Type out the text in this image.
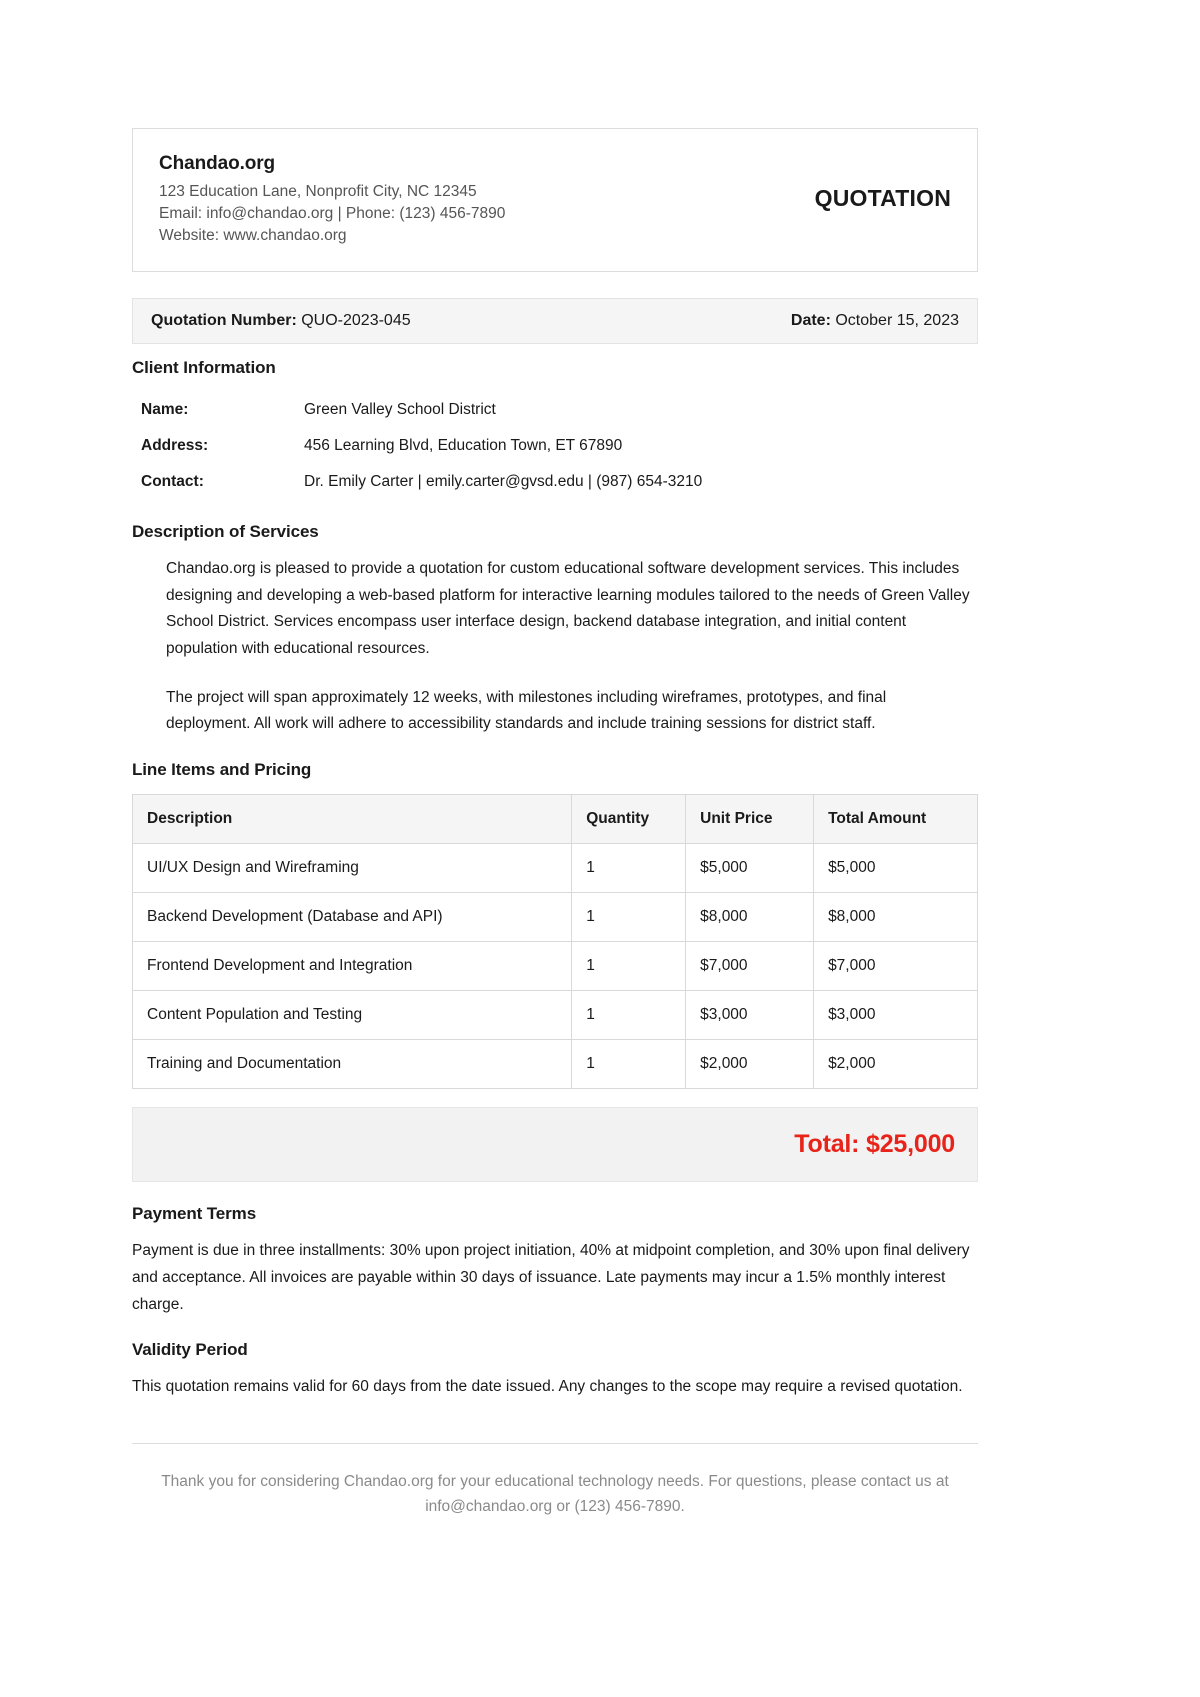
Chandao.org
123 Education Lane, Nonprofit City, NC 12345
Email: info@chandao.org | Phone: (123) 456-7890
Website: www.chandao.org
QUOTATION
Quotation Number: QUO-2023-045	Date: October 15, 2023
Client Information
Name:	Green Valley School District
Address:	456 Learning Blvd, Education Town, ET 67890
Contact:	Dr. Emily Carter | emily.carter@gvsd.edu | (987) 654-3210
Description of Services

Chandao.org is pleased to provide a quotation for custom educational software development services. This includes designing and developing a web-based platform for interactive learning modules tailored to the needs of Green Valley School District. Services encompass user interface design, backend database integration, and initial content population with educational resources.

The project will span approximately 12 weeks, with milestones including wireframes, prototypes, and final deployment. All work will adhere to accessibility standards and include training sessions for district staff.

Line Items and Pricing
Description	Quantity	Unit Price	Total Amount
UI/UX Design and Wireframing	1	$5,000	$5,000
Backend Development (Database and API)	1	$8,000	$8,000
Frontend Development and Integration	1	$7,000	$7,000
Content Population and Testing	1	$3,000	$3,000
Training and Documentation	1	$2,000	$2,000
Total: $25,000
Payment Terms

Payment is due in three installments: 30% upon project initiation, 40% at midpoint completion, and 30% upon final delivery and acceptance. All invoices are payable within 30 days of issuance. Late payments may incur a 1.5% monthly interest charge.

Validity Period

This quotation remains valid for 60 days from the date issued. Any changes to the scope may require a revised quotation.

Thank you for considering Chandao.org for your educational technology needs. For questions, please contact us at info@chandao.org or (123) 456-7890.
